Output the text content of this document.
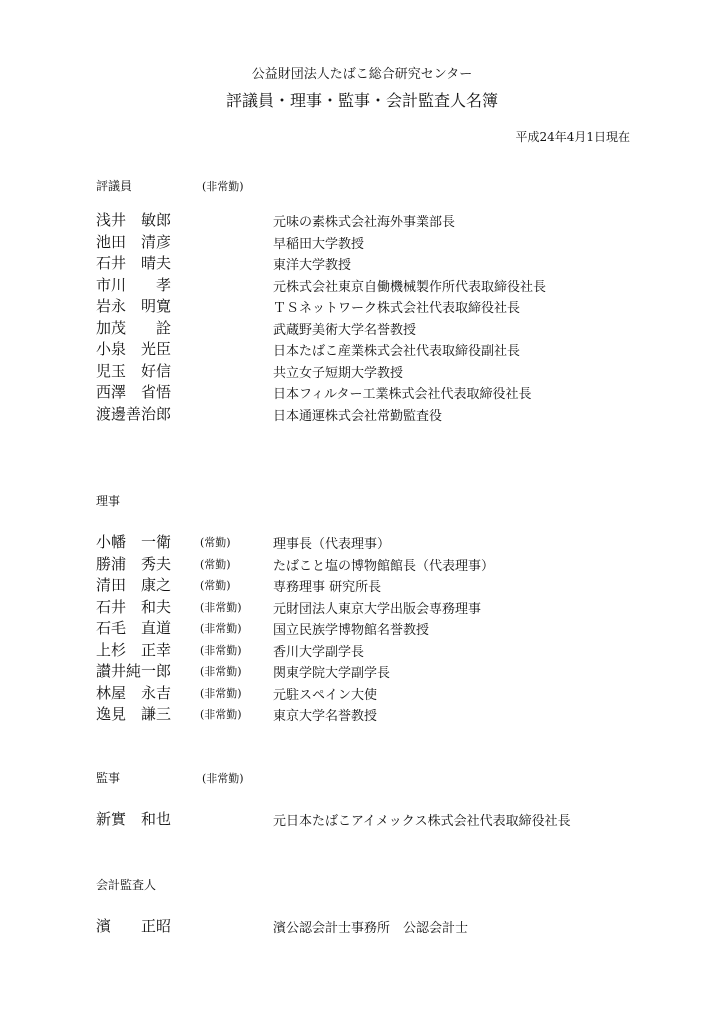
公益財団法人たばこ総合研究センター
評議員・理事・監事・会計監査人名簿
平成24年4月1日現在
評議員	(非常勤)
浅井　敏郎	元味の素株式会社海外事業部長
池田　清彦	早稲田大学教授
石井　晴夫	東洋大学教授
市川　　孝	元株式会社東京自働機械製作所代表取締役社長
岩永　明寛	ＴＳネットワーク株式会社代表取締役社長
加茂　　詮	武蔵野美術大学名誉教授
小泉　光臣	日本たばこ産業株式会社代表取締役副社長
児玉　好信	共立女子短期大学教授
西澤　省悟	日本フィルター工業株式会社代表取締役社長
渡邊善治郎	日本通運株式会社常勤監査役
理事
小幡　一衛	(常勤)	理事長（代表理事）
勝浦　秀夫	(常勤)	たばこと塩の博物館館長（代表理事）
清田　康之	(常勤)	専務理事 研究所長
石井　和夫	(非常勤) 元財団法人東京大学出版会専務理事
石毛　直道	(非常勤) 国立民族学博物館名誉教授
上杉　正幸	(非常勤) 香川大学副学長
讃井純一郎	(非常勤) 関東学院大学副学長
林屋　永吉	(非常勤) 元駐スペイン大使
逸見　謙三	(非常勤) 東京大学名誉教授
監事	(非常勤)
新實　和也	元日本たばこアイメックス株式会社代表取締役社長
会計監査人
濱　　正昭	濱公認会計士事務所　公認会計士
